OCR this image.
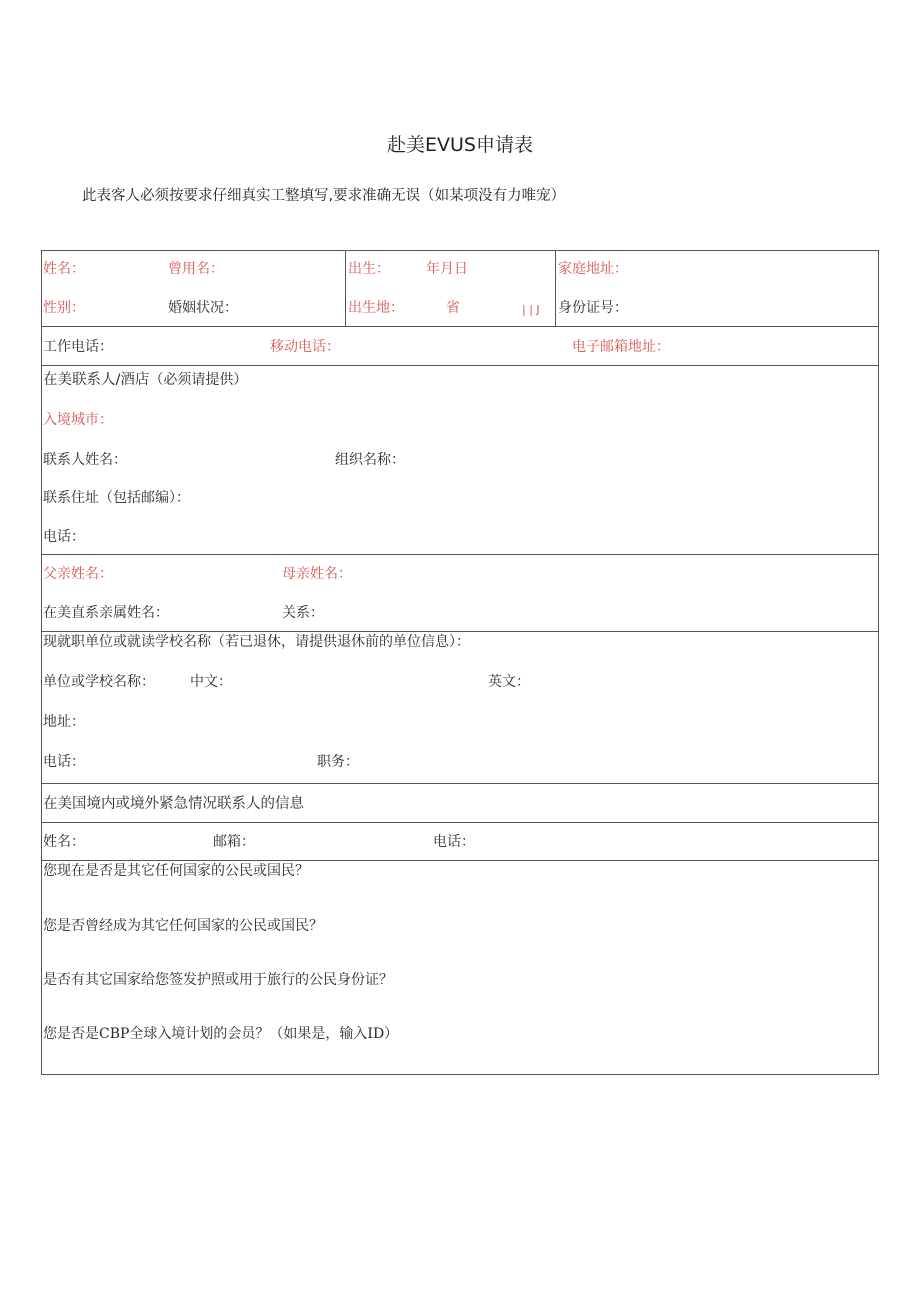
赴美EVUS申请表
此表客人必须按要求仔细真实工整填写,要求准确无误（如某项没有力唯宠）
姓名：	曾用名：	出生：	年月日	家庭地址：
性别：	婚姻状况：	出生地：	省	| | J 身份证号：
工作电话：	移动电话：	电子邮箱地址：
在美联系人/酒店（必须请提供）
入境城市：
联系人姓名：	组织名称：
联系住址（包括邮编）：
电话：
父亲姓名：	母亲姓名：
在美直系亲属姓名：	关系：
现就职单位或就读学校名称（若已退休，请提供退休前的单位信息）：
单位或学校名称：	中文：	英文：
地址：
电话：	职务：
在美国境内或境外紧急情况联系人的信息
姓名：	邮箱：	电话：
您现在是否是其它任何国家的公民或国民？
您是否曾经成为其它任何国家的公民或国民？
是否有其它国家给您签发护照或用于旅行的公民身份证？
您是否是CBP全球入境计划的会员？（如果是，输入ID）
